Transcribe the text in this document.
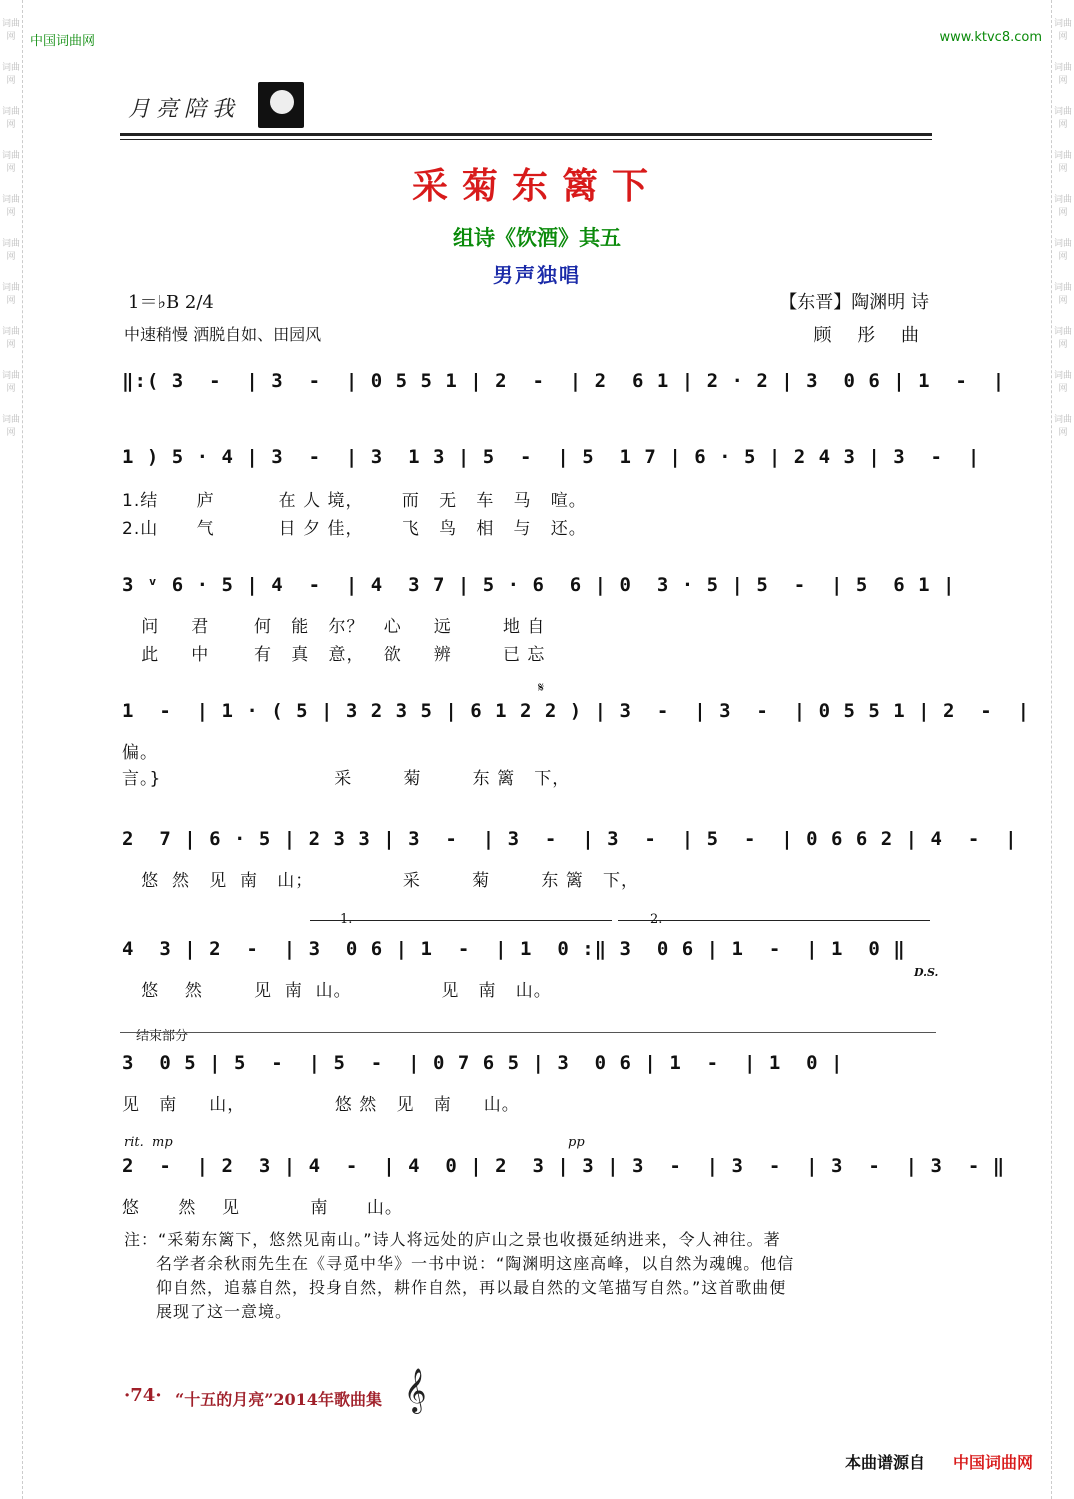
词曲网
词曲网
词曲网
词曲网
词曲网
词曲网
词曲网
词曲网
词曲网
词曲网
词曲网
词曲网
词曲网
词曲网
词曲网
词曲网
词曲网
词曲网
词曲网
词曲网
中国词曲网	www.ktvc8.com
月亮陪我
采菊东篱下
组诗《饮酒》其五
男声独唱
1＝♭B 2/4
中速稍慢 洒脱自如、田园风
【东晋】陶渊明 诗
顾 彤 曲
‖:( 3  -  | 3  -  | 0 5 5 1 | 2  -  | 2  6 1 | 2 · 2 | 3  0 6 | 1  -  |
1 ) 5 · 4 | 3  -  | 3  1 3 | 5  -  | 5  1 7 | 6 · 5 | 2 4 3 | 3  -  |
1.结      庐          在 人 境，      而   无   车   马   喧。
2.山      气          日 夕 佳，      飞   鸟   相   与   还。
3 ᵛ 6 · 5 | 4  -  | 4  3 7 | 5 · 6  6 | 0  3 · 5 | 5  -  | 5  6 1 |
问     君       何   能   尔？   心     远        地 自
此     中       有   真   意，   欲     辨        已 忘
𝄋
1  -  | 1 · ( 5 | 3 2 3 5 | 6 1 2 2 ) | 3  -  | 3  -  | 0 5 5 1 | 2  -  |
偏。
言。}                           采        菊        东 篱   下，
2  7 | 6 · 5 | 2 3 3 | 3  -  | 3  -  | 3  -  | 5  -  | 0 6 6 2 | 4  -  |
悠  然   见  南   山；              采        菊        东 篱   下，
1.	2.
4  3 | 2  -  | 3  0 6 | 1  -  | 1  0 :‖ 3  0 6 | 1  -  | 1  0 ‖
D.S.
悠    然        见  南  山。              见   南   山。
结束部分
3  0 5 | 5  -  | 5  -  | 0 7 6 5 | 3  0 6 | 1  -  | 1  0 |
见   南     山，              悠 然   见   南     山。
rit. mp	pp
2  -  | 2  3 | 4  -  | 4  0 | 2  3 | 3 | 3  -  | 3  -  | 3  -  | 3  - ‖
悠      然    见           南      山。
注：“采菊东篱下，悠然见南山。”诗人将远处的庐山之景也收摄延纳进来，令人神往。著
名学者余秋雨先生在《寻觅中华》一书中说：“陶渊明这座高峰，以自然为魂魄。他信
仰自然，追慕自然，投身自然，耕作自然，再以最自然的文笔描写自然。”这首歌曲便
展现了这一意境。
·74· “十五的月亮”2014年歌曲集 𝄞
本曲谱源自 中国词曲网
